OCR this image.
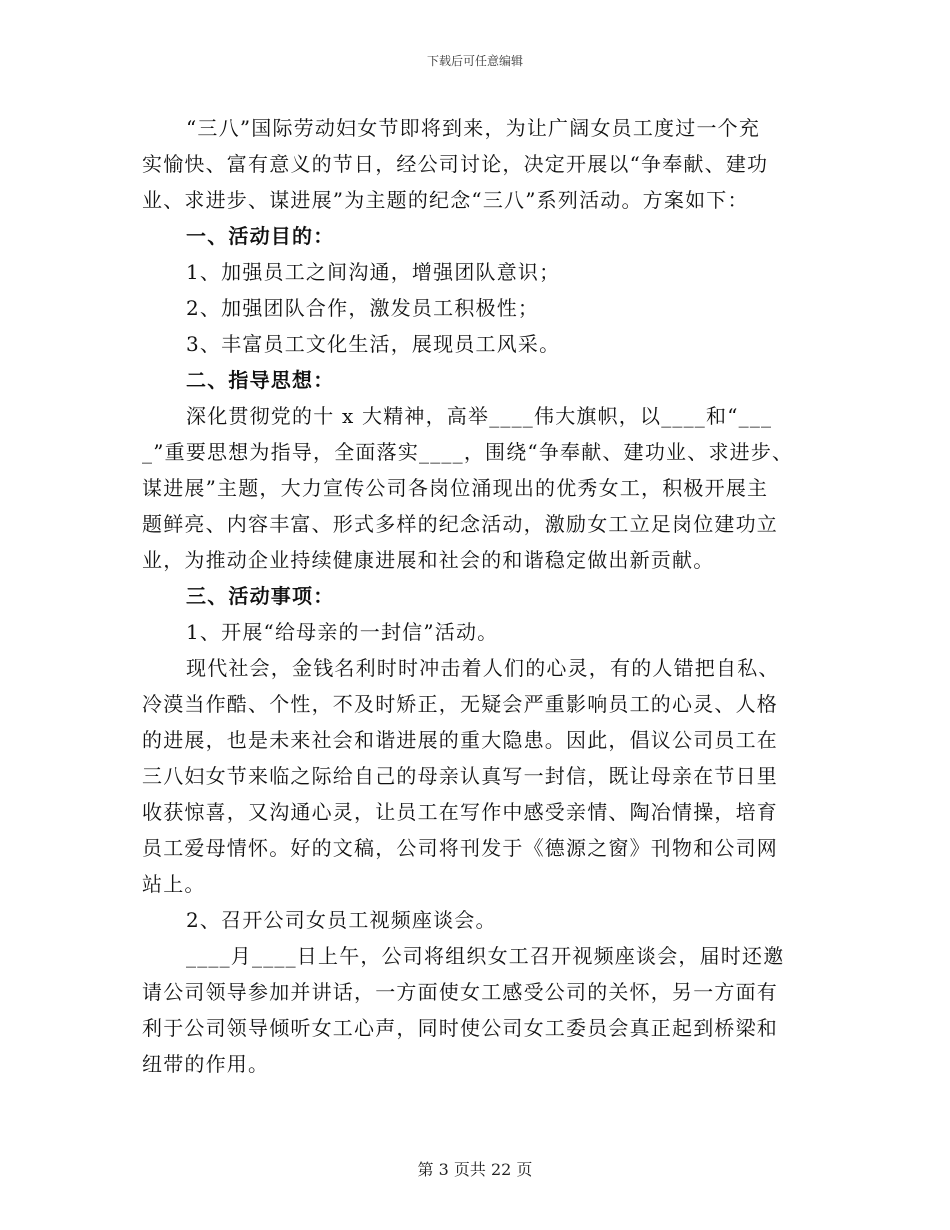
下载后可任意编辑
“三八”国际劳动妇女节即将到来，为让广阔女员工度过一个充
实愉快、富有意义的节日，经公司讨论，决定开展以“争奉献、建功
业、求进步、谋进展”为主题的纪念“三八”系列活动。方案如下：
一、活动目的：
1、加强员工之间沟通，增强团队意识；
2、加强团队合作，激发员工积极性；
3、丰富员工文化生活，展现员工风采。
二、指导思想：
深化贯彻党的十 x 大精神，高举____伟大旗帜，以____和“___
_”重要思想为指导，全面落实____，围绕“争奉献、建功业、求进步、
谋进展”主题，大力宣传公司各岗位涌现出的优秀女工，积极开展主
题鲜亮、内容丰富、形式多样的纪念活动，激励女工立足岗位建功立
业，为推动企业持续健康进展和社会的和谐稳定做出新贡献。
三、活动事项：
1、开展“给母亲的一封信”活动。
现代社会，金钱名利时时冲击着人们的心灵，有的人错把自私、
冷漠当作酷、个性，不及时矫正，无疑会严重影响员工的心灵、人格
的进展，也是未来社会和谐进展的重大隐患。因此，倡议公司员工在
三八妇女节来临之际给自己的母亲认真写一封信，既让母亲在节日里
收获惊喜，又沟通心灵，让员工在写作中感受亲情、陶冶情操，培育
员工爱母情怀。好的文稿，公司将刊发于《德源之窗》刊物和公司网
站上。
2、召开公司女员工视频座谈会。
____月____日上午，公司将组织女工召开视频座谈会，届时还邀
请公司领导参加并讲话，一方面使女工感受公司的关怀，另一方面有
利于公司领导倾听女工心声，同时使公司女工委员会真正起到桥梁和
纽带的作用。
第 3 页共 22 页
